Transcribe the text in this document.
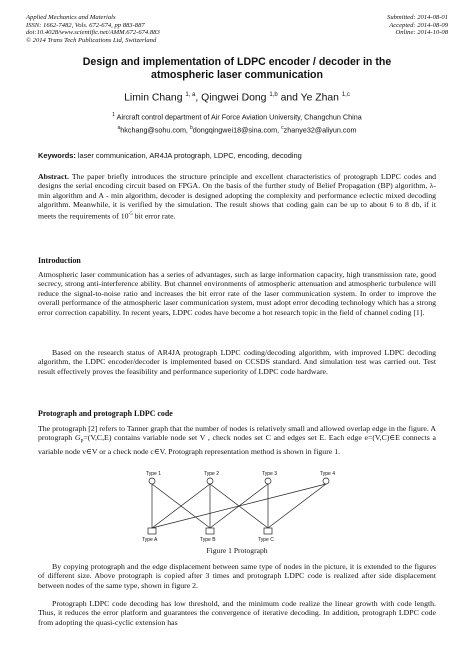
Applied Mechanics and Materials
ISSN: 1662-7482, Vols. 672-674, pp 883-887
doi:10.4028/www.scientific.net/AMM.672-674.883
© 2014 Trans Tech Publications Ltd, Switzerland
Submitted: 2014-08-01
Accepted: 2014-08-09
Online: 2014-10-08
Design and implementation of LDPC encoder / decoder in the
atmospheric laser communication
Limin Chang $^{1, a}$, Qingwei Dong $^{1,b}$ and Ye Zhan $^{1,c}$
$^1$ Aircraft control department of Air Force Aviation University, Changchun China
$^a$hkchang@sohu.com, $^b$dongqingwei18@sina.com, $^c$zhanye32@aliyun.com
Keywords: laser communication, AR4JA protograph, LDPC, encoding, decoding

Abstract. The paper briefly introduces the structure principle and excellent characteristics of protograph LDPC codes and designs the serial encoding circuit based on FPGA. On the basis of the further study of Belief Propagation (BP) algorithm, λ-min algorithm and A - min algorithm, decoder is designed adopting the complexity and performance eclectic mixed decoding algorithm. Meanwhile, it is verified by the simulation. The result shows that coding gain can be up to about 6 to 8 db, if it meets the requirements of $10^{-5}$ bit error rate.

Introduction

Atmospheric laser communication has a series of advantages, such as large information capacity, high transmission rate, good secrecy, strong anti-interference ability. But channel environments of atmospheric attenuation and atmospheric turbulence will reduce the signal-to-noise ratio and increases the bit error rate of the laser communication system. In order to improve the overall performance of the atmospheric laser communication system, must adopt error decoding technology which has a strong error correction capability. In recent years, LDPC codes have become a hot research topic in the field of channel coding [1].

Based on the research status of AR4JA protograph LDPC coding/decoding algorithm, with improved LDPC decoding algorithm, the LDPC encoder/decoder is implemented based on CCSDS standard. And simulation test was carried out. Test result effectively proves the feasibility and performance superiority of LDPC code hardware.

Protograph and protograph LDPC code

The protograph [2] refers to Tanner graph that the number of nodes is relatively small and allowed overlap edge in the figure. A protograph $G_P=(V,C,E)$ contains variable node set V , check nodes set C and edges set E. Each edge e=(V,C)∈E connects a variable node v∈V or a check node c∈V. Protograph representation method is shown in figure 1.

Type 1	Type 2	Type 3	Type 4
Type A	Type B	Type C
Figure 1 Protograph

By copying protograph and the edge displacement between same type of nodes in the picture, it is extended to the figures of different size. Above protograph is copied after 3 times and protograph LDPC code is realized after side displacement between nodes of the same type, shown in figure 2.

Protograph LDPC code decoding has low threshold, and the minimum code realize the linear growth with code length. Thus, it reduces the error platform and guarantees the convergence of iterative decoding. In addition, protograph LDPC code from adopting the quasi-cyclic extension has
